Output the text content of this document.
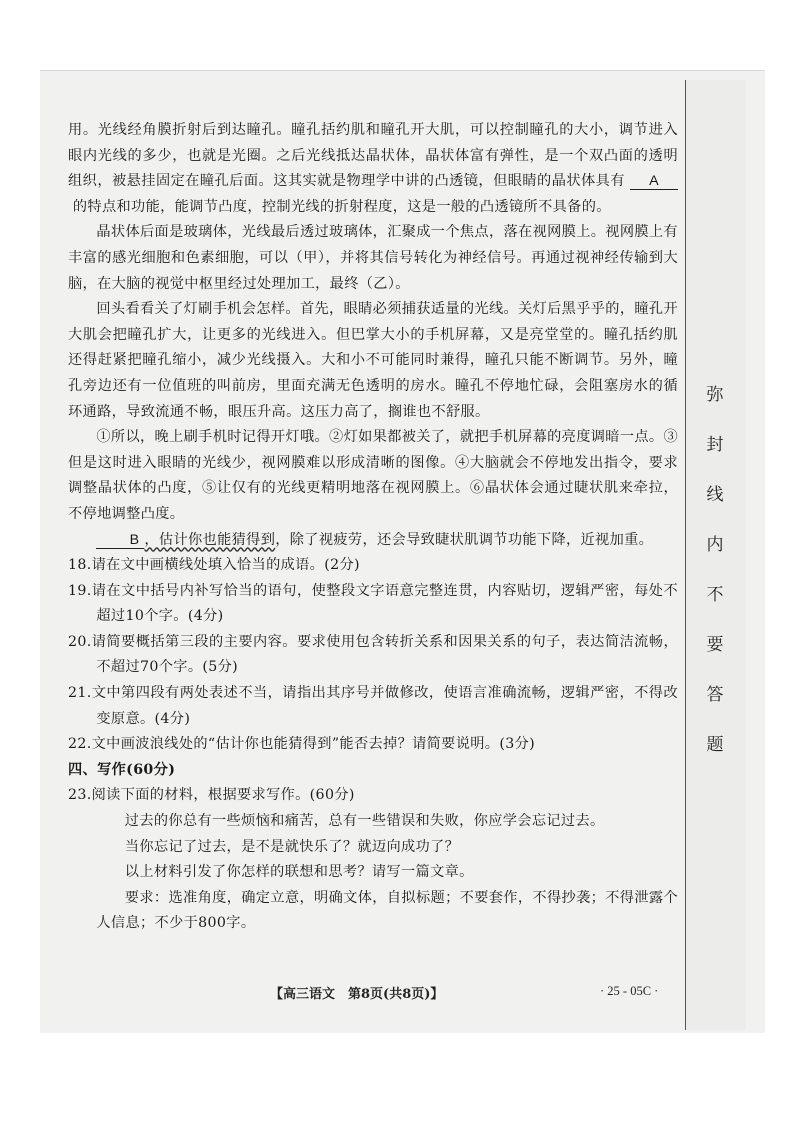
弥
封
线
内
不
要
答
题

用。光线经角膜折射后到达瞳孔。瞳孔括约肌和瞳孔开大肌，可以控制瞳孔的大小，调节进入眼内光线的多少，也就是光圈。之后光线抵达晶状体，晶状体富有弹性，是一个双凸面的透明组织，被悬挂固定在瞳孔后面。这其实就是物理学中讲的凸透镜，但眼睛的晶状体具有 A 的特点和功能，能调节凸度，控制光线的折射程度，这是一般的凸透镜所不具备的。

晶状体后面是玻璃体，光线最后透过玻璃体，汇聚成一个焦点，落在视网膜上。视网膜上有丰富的感光细胞和色素细胞，可以（甲），并将其信号转化为神经信号。再通过视神经传输到大脑，在大脑的视觉中枢里经过处理加工，最终（乙）。

回头看看关了灯刷手机会怎样。首先，眼睛必须捕获适量的光线。关灯后黑乎乎的，瞳孔开大肌会把瞳孔扩大，让更多的光线进入。但巴掌大小的手机屏幕，又是亮堂堂的。瞳孔括约肌还得赶紧把瞳孔缩小，减少光线摄入。大和小不可能同时兼得，瞳孔只能不断调节。另外，瞳孔旁边还有一位值班的叫前房，里面充满无色透明的房水。瞳孔不停地忙碌，会阻塞房水的循环通路，导致流通不畅，眼压升高。这压力高了，搁谁也不舒服。

①所以，晚上刷手机时记得开灯哦。②灯如果都被关了，就把手机屏幕的亮度调暗一点。③但是这时进入眼睛的光线少，视网膜难以形成清晰的图像。④大脑就会不停地发出指令，要求调整晶状体的凸度，⑤让仅有的光线更精明地落在视网膜上。⑥晶状体会通过睫状肌来牵拉，不停地调整凸度。

B ，估计你也能猜得到，除了视疲劳，还会导致睫状肌调节功能下降，近视加重。

18.请在文中画横线处填入恰当的成语。(2分)

19.请在文中括号内补写恰当的语句，使整段文字语意完整连贯，内容贴切，逻辑严密，每处不超过10个字。(4分)

20.请简要概括第三段的主要内容。要求使用包含转折关系和因果关系的句子，表达简洁流畅，不超过70个字。(5分)

21.文中第四段有两处表述不当，请指出其序号并做修改，使语言准确流畅，逻辑严密，不得改变原意。(4分)

22.文中画波浪线处的“估计你也能猜得到”能否去掉？请简要说明。(3分)

四、写作(60分)

23.阅读下面的材料，根据要求写作。(60分)

过去的你总有一些烦恼和痛苦，总有一些错误和失败，你应学会忘记过去。

当你忘记了过去，是不是就快乐了？就迈向成功了？

以上材料引发了你怎样的联想和思考？请写一篇文章。

要求：选准角度，确定立意，明确文体，自拟标题；不要套作，不得抄袭；不得泄露个人信息；不少于800字。

【高三语文　第8页(共8页)】	· 25 - 05C ·
